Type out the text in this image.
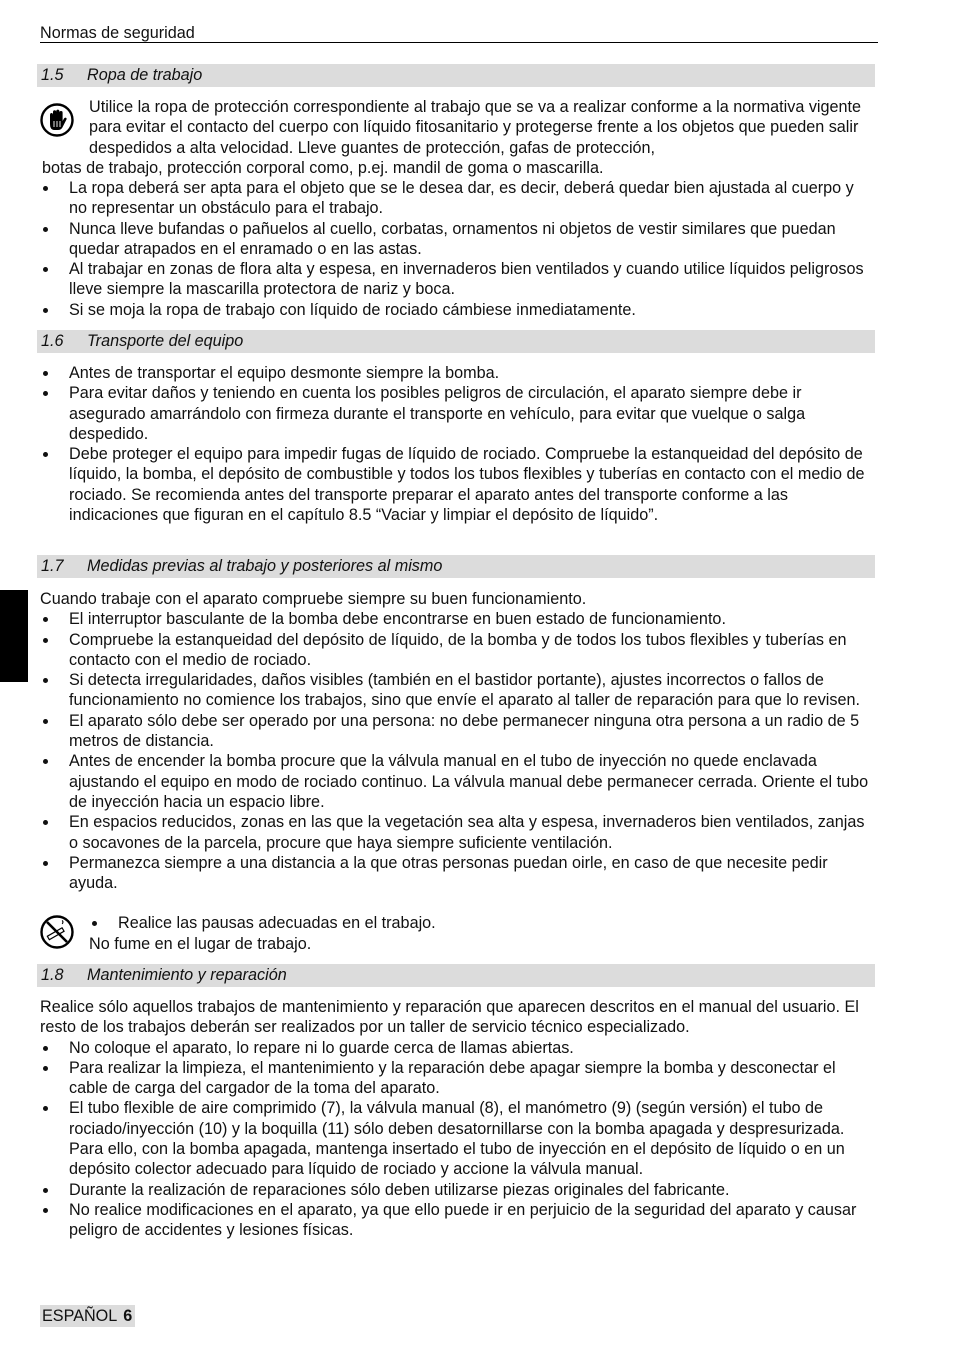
Normas de seguridad
1.5 Ropa de trabajo
Utilice la ropa de protección correspondiente al trabajo que se va a realizar conforme a la normativa vigente para evitar el contacto del cuerpo con líquido fitosanitario y protegerse frente a los objetos que pueden salir despedidos a alta velocidad. Lleve guantes de protección, gafas de protección,
botas de trabajo, protección corporal como, p.ej. mandil de goma o mascarilla.
La ropa deberá ser apta para el objeto que se le desea dar, es decir, deberá quedar bien ajustada al cuerpo y no representar un obstáculo para el trabajo.
Nunca lleve bufandas o pañuelos al cuello, corbatas, ornamentos ni objetos de vestir similares que puedan quedar atrapados en el enramado o en las astas.
Al trabajar en zonas de flora alta y espesa, en invernaderos bien ventilados y cuando utilice líquidos peligrosos lleve siempre la mascarilla protectora de nariz y boca.
Si se moja la ropa de trabajo con líquido de rociado cámbiese inmediatamente.
1.6 Transporte del equipo
Antes de transportar el equipo desmonte siempre la bomba.
Para evitar daños y teniendo en cuenta los posibles peligros de circulación, el aparato siempre debe ir asegurado amarrándolo con firmeza durante el transporte en vehículo, para evitar que vuelque o salga despedido.
Debe proteger el equipo para impedir fugas de líquido de rociado. Compruebe la estanqueidad del depósito de líquido, la bomba, el depósito de combustible y todos los tubos flexibles y tuberías en contacto con el medio de rociado. Se recomienda antes del transporte preparar el aparato antes del transporte conforme a las indicaciones que figuran en el capítulo 8.5 “Vaciar y limpiar el depósito de líquido”.
1.7 Medidas previas al trabajo y posteriores al mismo

Cuando trabaje con el aparato compruebe siempre su buen funcionamiento.

El interruptor basculante de la bomba debe encontrarse en buen estado de funcionamiento.
Compruebe la estanqueidad del depósito de líquido, de la bomba y de todos los tubos flexibles y tuberías en contacto con el medio de rociado.
Si detecta irregularidades, daños visibles (también en el bastidor portante), ajustes incorrectos o fallos de funcionamiento no comience los trabajos, sino que envíe el aparato al taller de reparación para que lo revisen.
El aparato sólo debe ser operado por una persona: no debe permanecer ninguna otra persona a un radio de 5 metros de distancia.
Antes de encender la bomba procure que la válvula manual en el tubo de inyección no quede enclavada ajustando el equipo en modo de rociado continuo. La válvula manual debe permanecer cerrada. Oriente el tubo de inyección hacia un espacio libre.
En espacios reducidos, zonas en las que la vegetación sea alta y espesa, invernaderos bien ventilados, zanjas o socavones de la parcela, procure que haya siempre suficiente ventilación.
Permanezca siempre a una distancia a la que otras personas puedan oirle, en caso de que necesite pedir ayuda.
Realice las pausas adecuadas en el trabajo.
No fume en el lugar de trabajo.
1.8 Mantenimiento y reparación

Realice sólo aquellos trabajos de mantenimiento y reparación que aparecen descritos en el manual del usuario. El resto de los trabajos deberán ser realizados por un taller de servicio técnico especializado.

No coloque el aparato, lo repare ni lo guarde cerca de llamas abiertas.
Para realizar la limpieza, el mantenimiento y la reparación debe apagar siempre la bomba y desconectar el cable de carga del cargador de la toma del aparato.
El tubo flexible de aire comprimido (7), la válvula manual (8), el manómetro (9) (según versión) el tubo de rociado/inyección (10) y la boquilla (11) sólo deben desatornillarse con la bomba apagada y despresurizada. Para ello, con la bomba apagada, mantenga insertado el tubo de inyección en el depósito de líquido o en un depósito colector adecuado para líquido de rociado y accione la válvula manual.
Durante la realización de reparaciones sólo deben utilizarse piezas originales del fabricante.
No realice modificaciones en el aparato, ya que ello puede ir en perjuicio de la seguridad del aparato y causar peligro de accidentes y lesiones físicas.
ESPAÑOL 6
